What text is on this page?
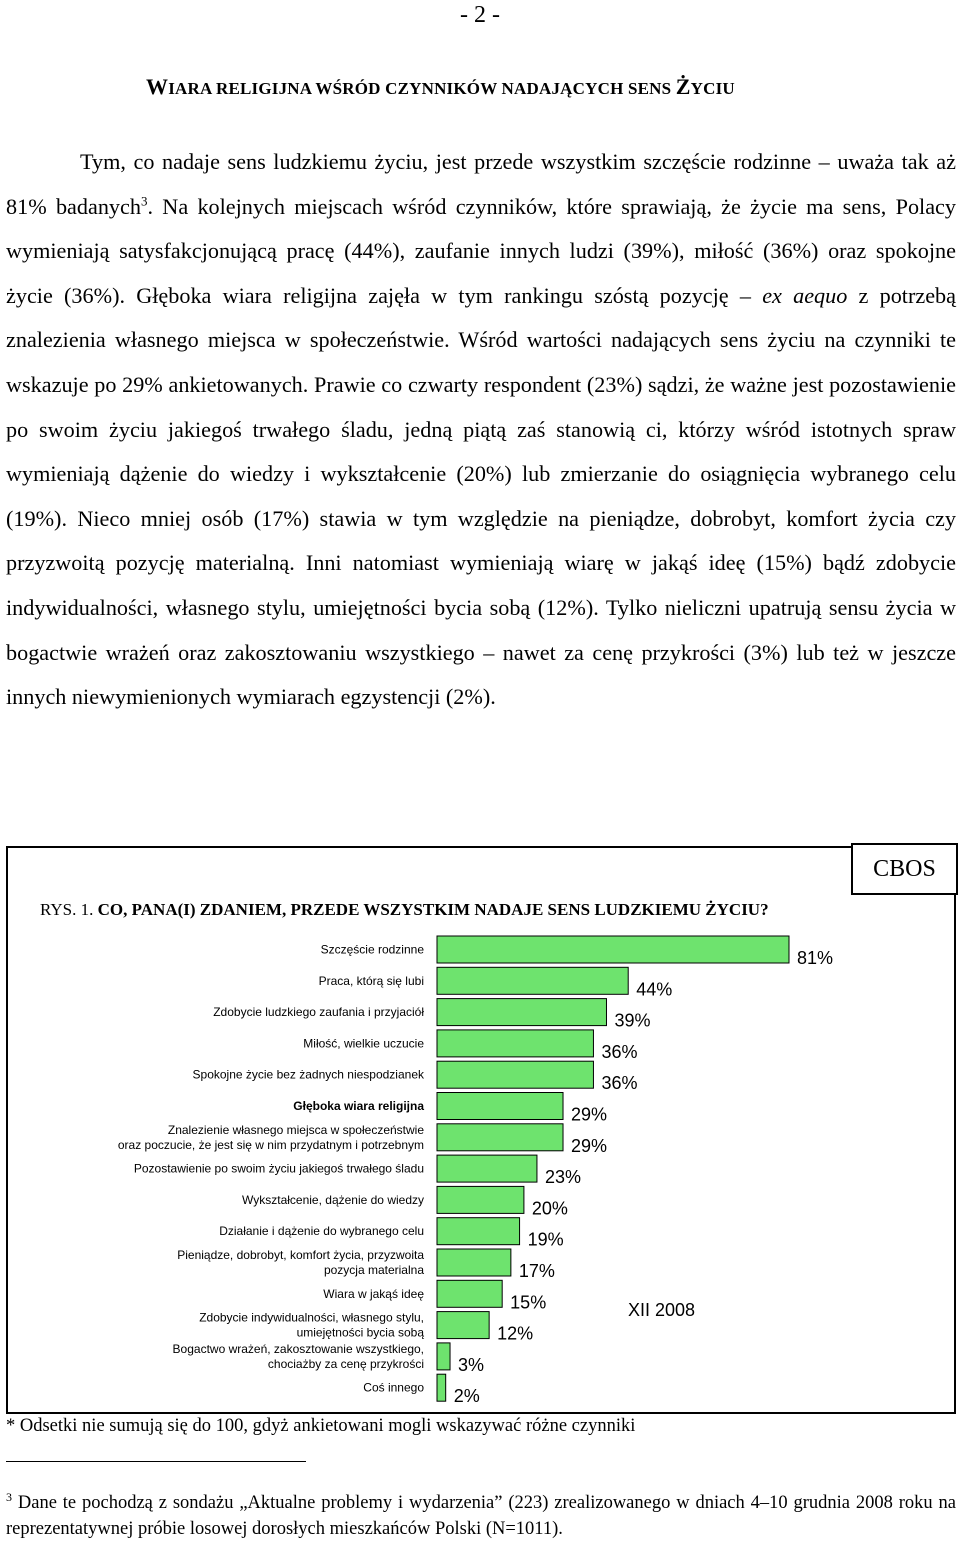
- 2 -
WIARA RELIGIJNA WŚRÓD CZYNNIKÓW NADAJĄCYCH SENS ŻYCIU

Tym, co nadaje sens ludzkiemu życiu, jest przede wszystkim szczęście rodzinne – uważa tak aż 81% badanych$^3$. Na kolejnych miejscach wśród czynników, które sprawiają, że życie ma sens, Polacy wymieniają satysfakcjonującą pracę (44%), zaufanie innych ludzi (39%), miłość (36%) oraz spokojne życie (36%). Głęboka wiara religijna zajęła w tym rankingu szóstą pozycję – ex aequo z potrzebą znalezienia własnego miejsca w społeczeństwie. Wśród wartości nadających sens życiu na czynniki te wskazuje po 29% ankietowanych. Prawie co czwarty respondent (23%) sądzi, że ważne jest pozostawienie po swoim życiu jakiegoś trwałego śladu, jedną piątą zaś stanowią ci, którzy wśród istotnych spraw wymieniają dążenie do wiedzy i wykształcenie (20%) lub zmierzanie do osiągnięcia wybranego celu (19%). Nieco mniej osób (17%) stawia w tym względzie na pieniądze, dobrobyt, komfort życia czy przyzwoitą pozycję materialną. Inni natomiast wymieniają wiarę w jakąś ideę (15%) bądź zdobycie indywidualności, własnego stylu, umiejętności bycia sobą (12%). Tylko nieliczni upatrują sensu życia w bogactwie wrażeń oraz zakosztowaniu wszystkiego – nawet za cenę przykrości (3%) lub też w jeszcze innych niewymienionych wymiarach egzystencji (2%).

CBOS
RYS. 1. CO, PANA(I) ZDANIEM, PRZEDE WSZYSTKIM NADAJE SENS LUDZKIEMU ŻYCIU?
XII 2008
81%
Szczęście rodzinne
44%
Praca, którą się lubi
39%
Zdobycie ludzkiego zaufania i przyjaciół
36%
Miłość, wielkie uczucie
36%
Spokojne życie bez żadnych niespodzianek
29%
Głęboka wiara religijna
29%
Znalezienie własnego miejsca w społeczeństwie oraz poczucie, że jest się w nim przydatnym i potrzebnym
23%
Pozostawienie po swoim życiu jakiegoś trwałego śladu
20%
Wykształcenie, dążenie do wiedzy
19%
Działanie i dążenie do wybranego celu
17%
Pieniądze, dobrobyt, komfort życia, przyzwoita pozycja materialna
15%
Wiara w jakąś ideę
12%
Zdobycie indywidualności, własnego stylu, umiejętności bycia sobą
3%
Bogactwo wrażeń, zakosztowanie wszystkiego, chociażby za cenę przykrości
2%
Coś innego
* Odsetki nie sumują się do 100, gdyż ankietowani mogli wskazywać różne czynniki

$^3$ Dane te pochodzą z sondażu „Aktualne problemy i wydarzenia” (223) zrealizowanego w dniach 4–10 grudnia 2008 roku na reprezentatywnej próbie losowej dorosłych mieszkańców Polski (N=1011).
